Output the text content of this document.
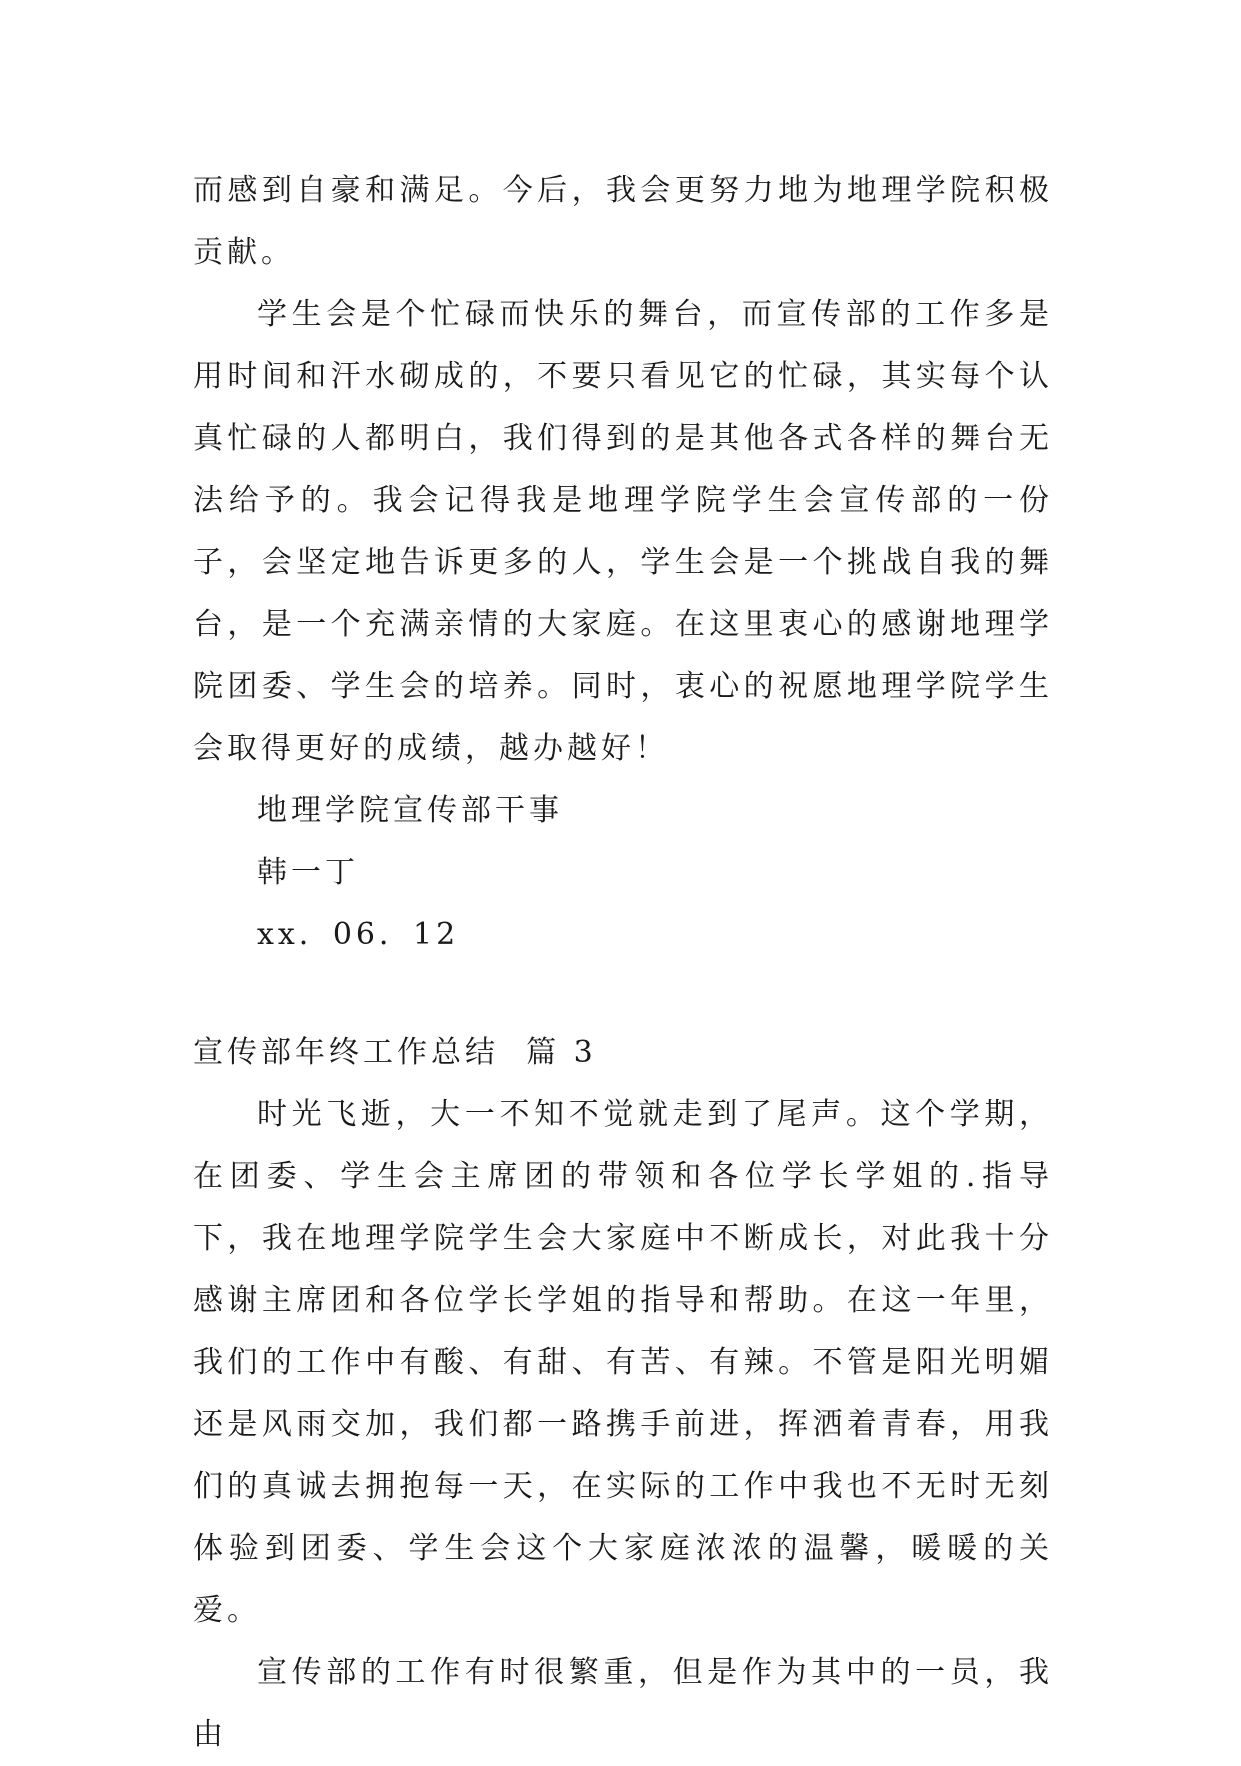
而感到自豪和满足。今后，我会更努力地为地理学院积极贡献。

学生会是个忙碌而快乐的舞台，而宣传部的工作多是用时间和汗水砌成的，不要只看见它的忙碌，其实每个认真忙碌的人都明白，我们得到的是其他各式各样的舞台无法给予的。我会记得我是地理学院学生会宣传部的一份子，会坚定地告诉更多的人，学生会是一个挑战自我的舞台，是一个充满亲情的大家庭。在这里衷心的感谢地理学院团委、学生会的培养。同时，衷心的祝愿地理学院学生会取得更好的成绩，越办越好！

地理学院宣传部干事

韩一丁

xx．06．12

宣传部年终工作总结  篇 3

时光飞逝，大一不知不觉就走到了尾声。这个学期，在团委、学生会主席团的带领和各位学长学姐的.指导下，我在地理学院学生会大家庭中不断成长，对此我十分感谢主席团和各位学长学姐的指导和帮助。在这一年里，我们的工作中有酸、有甜、有苦、有辣。不管是阳光明媚还是风雨交加，我们都一路携手前进，挥洒着青春，用我们的真诚去拥抱每一天，在实际的工作中我也不无时无刻体验到团委、学生会这个大家庭浓浓的温馨，暖暖的关爱。

宣传部的工作有时很繁重，但是作为其中的一员，我由
